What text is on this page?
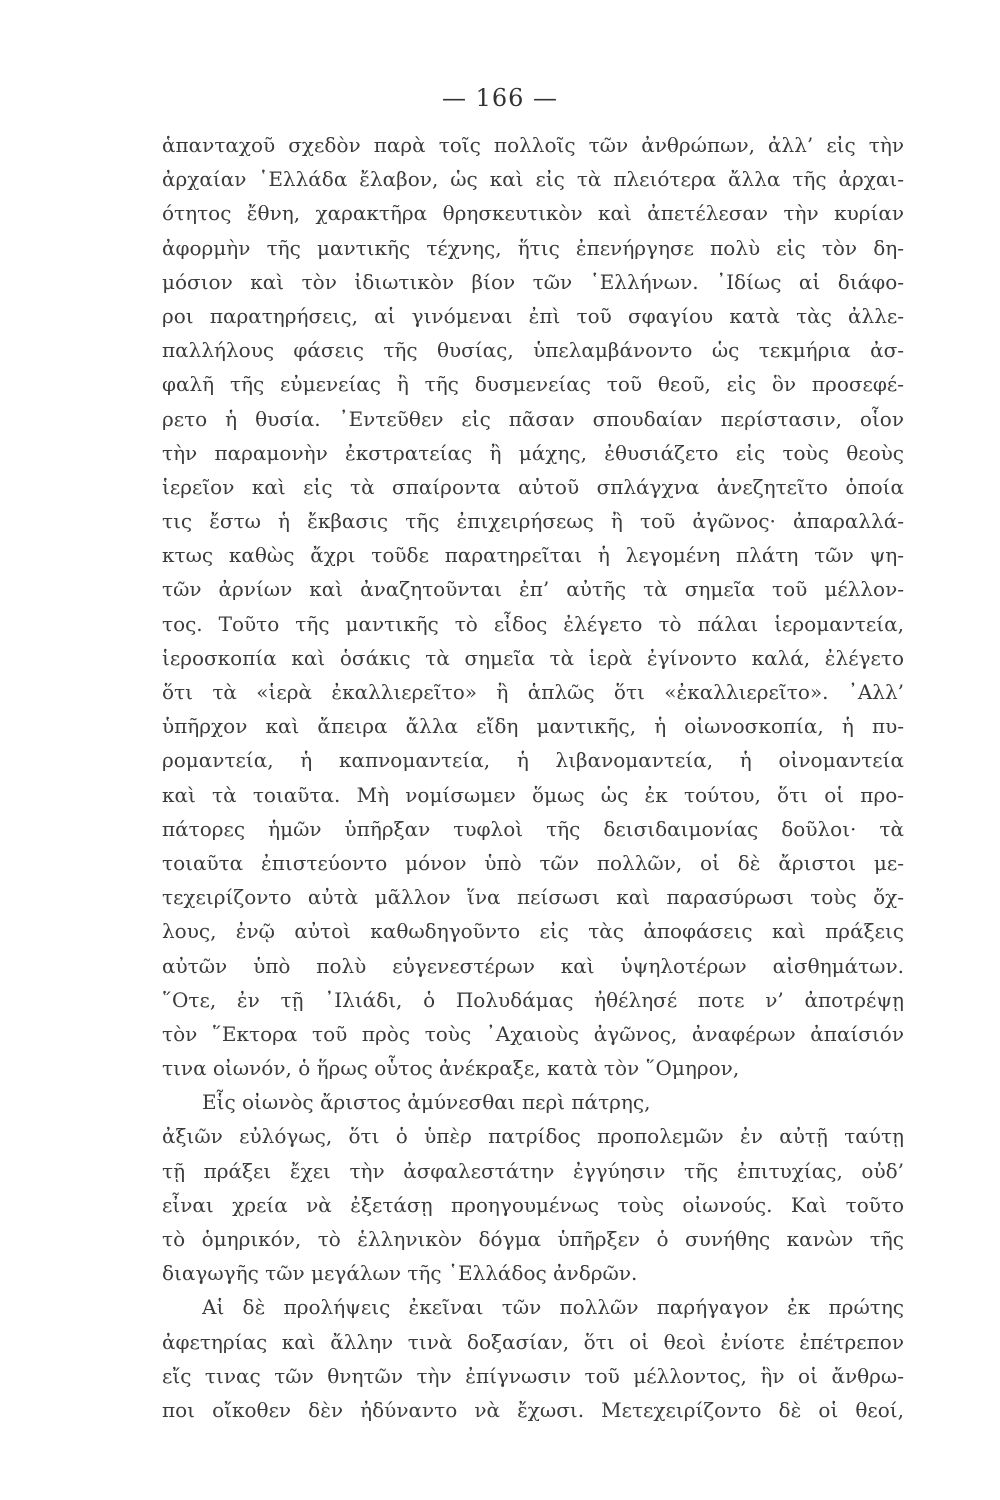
— 166 —
ἁπανταχοῦ σχεδὸν παρὰ τοῖς πολλοῖς τῶν ἀνθρώπων, ἀλλ’ εἰς τὴν
ἀρχαίαν ῾Ελλάδα ἔλαβον, ὡς καὶ εἰς τὰ πλειότερα ἄλλα τῆς ἀρχαι-
ότητος ἔθνη, χαρακτῆρα θρησκευτικὸν καὶ ἀπετέλεσαν τὴν κυρίαν
ἀφορμὴν τῆς μαντικῆς τέχνης, ἥτις ἐπενήργησε πολὺ εἰς τὸν δη-
μόσιον καὶ τὸν ἰδιωτικὸν βίον τῶν ῾Ελλήνων. ᾿Ιδίως αἱ διάφο-
ροι παρατηρήσεις, αἱ γινόμεναι ἐπὶ τοῦ σφαγίου κατὰ τὰς ἀλλε-
παλλήλους φάσεις τῆς θυσίας, ὑπελαμβάνοντο ὡς τεκμήρια ἀσ-
φαλῆ τῆς εὐμενείας ἢ τῆς δυσμενείας τοῦ θεοῦ, εἰς ὃν προσεφέ-
ρετο ἡ θυσία. ᾿Εντεῦθεν εἰς πᾶσαν σπουδαίαν περίστασιν, οἷον
τὴν παραμονὴν ἐκστρατείας ἢ μάχης, ἐθυσιάζετο εἰς τοὺς θεοὺς
ἱερεῖον καὶ εἰς τὰ σπαίροντα αὐτοῦ σπλάγχνα ἀνεζητεῖτο ὁποία
τις ἔστω ἡ ἔκβασις τῆς ἐπιχειρήσεως ἢ τοῦ ἀγῶνος· ἀπαραλλά-
κτως καθὼς ἄχρι τοῦδε παρατηρεῖται ἡ λεγομένη πλάτη τῶν ψη-
τῶν ἀρνίων καὶ ἀναζητοῦνται ἐπ’ αὐτῆς τὰ σημεῖα τοῦ μέλλον-
τος. Τοῦτο τῆς μαντικῆς τὸ εἶδος ἐλέγετο τὸ πάλαι ἱερομαντεία,
ἱεροσκοπία καὶ ὁσάκις τὰ σημεῖα τὰ ἱερὰ ἐγίνοντο καλά, ἐλέγετο
ὅτι τὰ «ἱερὰ ἐκαλλιερεῖτο» ἢ ἁπλῶς ὅτι «ἐκαλλιερεῖτο». ᾿Αλλ’
ὑπῆρχον καὶ ἄπειρα ἄλλα εἴδη μαντικῆς, ἡ οἰωνοσκοπία, ἡ πυ-
ρομαντεία, ἡ καπνομαντεία, ἡ λιβανομαντεία, ἡ οἰνομαντεία
καὶ τὰ τοιαῦτα. Μὴ νομίσωμεν ὅμως ὡς ἐκ τούτου, ὅτι οἱ προ-
πάτορες ἡμῶν ὑπῆρξαν τυφλοὶ τῆς δεισιδαιμονίας δοῦλοι· τὰ
τοιαῦτα ἐπιστεύοντο μόνον ὑπὸ τῶν πολλῶν, οἱ δὲ ἄριστοι με-
τεχειρίζοντο αὐτὰ μᾶλλον ἵνα πείσωσι καὶ παρασύρωσι τοὺς ὄχ-
λους, ἐνῷ αὐτοὶ καθωδηγοῦντο εἰς τὰς ἀποφάσεις καὶ πράξεις
αὐτῶν ὑπὸ πολὺ εὐγενεστέρων καὶ ὑψηλοτέρων αἰσθημάτων.
῞Οτε, ἐν τῇ ᾿Ιλιάδι, ὁ Πολυδάμας ἠθέλησέ ποτε ν’ ἀποτρέψῃ
τὸν ῞Εκτορα τοῦ πρὸς τοὺς ᾿Αχαιοὺς ἀγῶνος, ἀναφέρων ἀπαίσιόν
τινα οἰωνόν, ὁ ἥρως οὗτος ἀνέκραξε, κατὰ τὸν ῞Ομηρον,
Εἷς οἰωνὸς ἄριστος ἀμύνεσθαι περὶ πάτρης,
ἀξιῶν εὐλόγως, ὅτι ὁ ὑπὲρ πατρίδος προπολεμῶν ἐν αὐτῇ ταύτῃ
τῇ πράξει ἔχει τὴν ἀσφαλεστάτην ἐγγύησιν τῆς ἐπιτυχίας, οὐδ’
εἶναι χρεία νὰ ἐξετάσῃ προηγουμένως τοὺς οἰωνούς. Καὶ τοῦτο
τὸ ὁμηρικόν, τὸ ἑλληνικὸν δόγμα ὑπῆρξεν ὁ συνήθης κανὼν τῆς
διαγωγῆς τῶν μεγάλων τῆς ῾Ελλάδος ἀνδρῶν.
Αἱ δὲ προλήψεις ἐκεῖναι τῶν πολλῶν παρήγαγον ἐκ πρώτης
ἀφετηρίας καὶ ἄλλην τινὰ δοξασίαν, ὅτι οἱ θεοὶ ἐνίοτε ἐπέτρεπον
εἴς τινας τῶν θνητῶν τὴν ἐπίγνωσιν τοῦ μέλλοντος, ἣν οἱ ἄνθρω-
ποι οἴκοθεν δὲν ἠδύναντο νὰ ἔχωσι. Μετεχειρίζοντο δὲ οἱ θεοί,
